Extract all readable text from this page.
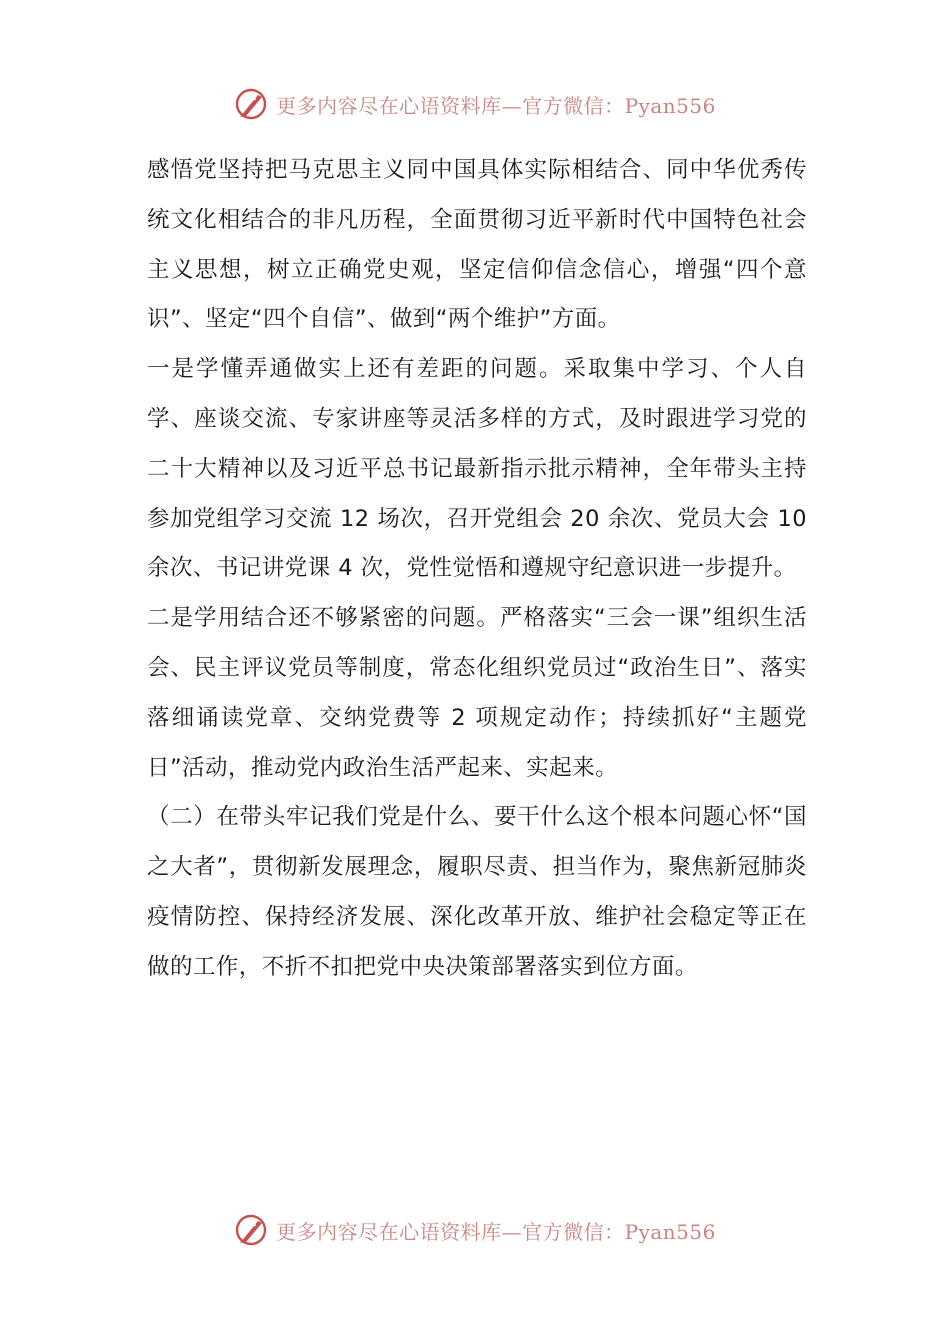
更多内容尽在心语资料库—官方微信：Pyan556

感悟党坚持把马克思主义同中国具体实际相结合、同中华优秀传统文化相结合的非凡历程，全面贯彻习近平新时代中国特色社会主义思想，树立正确党史观，坚定信仰信念信心，增强“四个意识”、坚定“四个自信”、做到“两个维护”方面。

一是学懂弄通做实上还有差距的问题。采取集中学习、个人自学、座谈交流、专家讲座等灵活多样的方式，及时跟进学习党的二十大精神以及习近平总书记最新指示批示精神，全年带头主持参加党组学习交流 12 场次，召开党组会 20 余次、党员大会 10 余次、书记讲党课 4 次，党性觉悟和遵规守纪意识进一步提升。

二是学用结合还不够紧密的问题。严格落实“三会一课”组织生活会、民主评议党员等制度，常态化组织党员过“政治生日”、落实落细诵读党章、交纳党费等 2 项规定动作；持续抓好“主题党日”活动，推动党内政治生活严起来、实起来。

（二）在带头牢记我们党是什么、要干什么这个根本问题心怀“国之大者”，贯彻新发展理念，履职尽责、担当作为，聚焦新冠肺炎疫情防控、保持经济发展、深化改革开放、维护社会稳定等正在做的工作，不折不扣把党中央决策部署落实到位方面。

更多内容尽在心语资料库—官方微信：Pyan556
